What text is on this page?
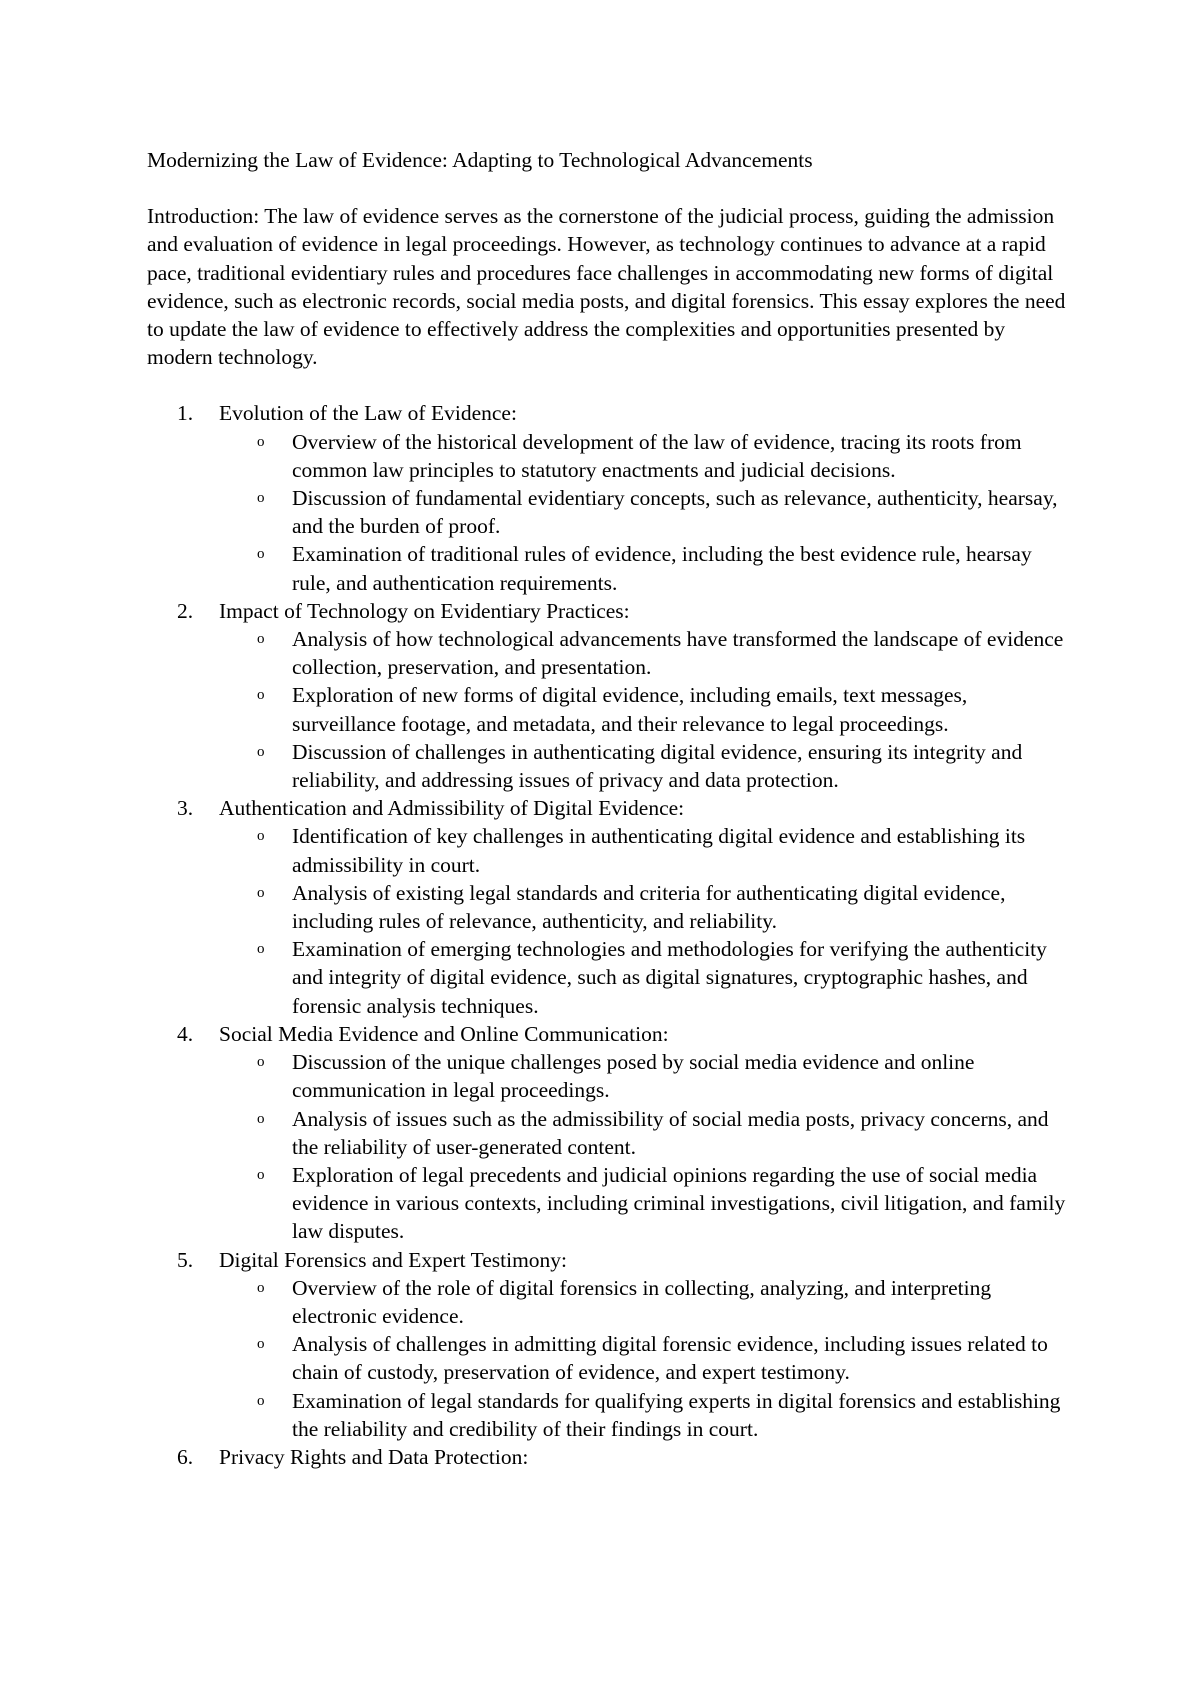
Modernizing the Law of Evidence: Adapting to Technological Advancements

Introduction: The law of evidence serves as the cornerstone of the judicial process, guiding the admission and evaluation of evidence in legal proceedings. However, as technology continues to advance at a rapid pace, traditional evidentiary rules and procedures face challenges in accommodating new forms of digital evidence, such as electronic records, social media posts, and digital forensics. This essay explores the need to update the law of evidence to effectively address the complexities and opportunities presented by modern technology.

1.	Evolution of the Law of Evidence:
o Overview of the historical development of the law of evidence, tracing its roots from common law principles to statutory enactments and judicial decisions.
o Discussion of fundamental evidentiary concepts, such as relevance, authenticity, hearsay, and the burden of proof.
o Examination of traditional rules of evidence, including the best evidence rule, hearsay rule, and authentication requirements.
2.	Impact of Technology on Evidentiary Practices:
o Analysis of how technological advancements have transformed the landscape of evidence collection, preservation, and presentation.
o Exploration of new forms of digital evidence, including emails, text messages, surveillance footage, and metadata, and their relevance to legal proceedings.
o Discussion of challenges in authenticating digital evidence, ensuring its integrity and reliability, and addressing issues of privacy and data protection.
3.	Authentication and Admissibility of Digital Evidence:
o Identification of key challenges in authenticating digital evidence and establishing its admissibility in court.
o Analysis of existing legal standards and criteria for authenticating digital evidence, including rules of relevance, authenticity, and reliability.
o Examination of emerging technologies and methodologies for verifying the authenticity and integrity of digital evidence, such as digital signatures, cryptographic hashes, and forensic analysis techniques.
4.	Social Media Evidence and Online Communication:
o Discussion of the unique challenges posed by social media evidence and online communication in legal proceedings.
o Analysis of issues such as the admissibility of social media posts, privacy concerns, and the reliability of user-generated content.
o Exploration of legal precedents and judicial opinions regarding the use of social media evidence in various contexts, including criminal investigations, civil litigation, and family law disputes.
5.	Digital Forensics and Expert Testimony:
o Overview of the role of digital forensics in collecting, analyzing, and interpreting electronic evidence.
o Analysis of challenges in admitting digital forensic evidence, including issues related to chain of custody, preservation of evidence, and expert testimony.
o Examination of legal standards for qualifying experts in digital forensics and establishing the reliability and credibility of their findings in court.
6.	Privacy Rights and Data Protection:
